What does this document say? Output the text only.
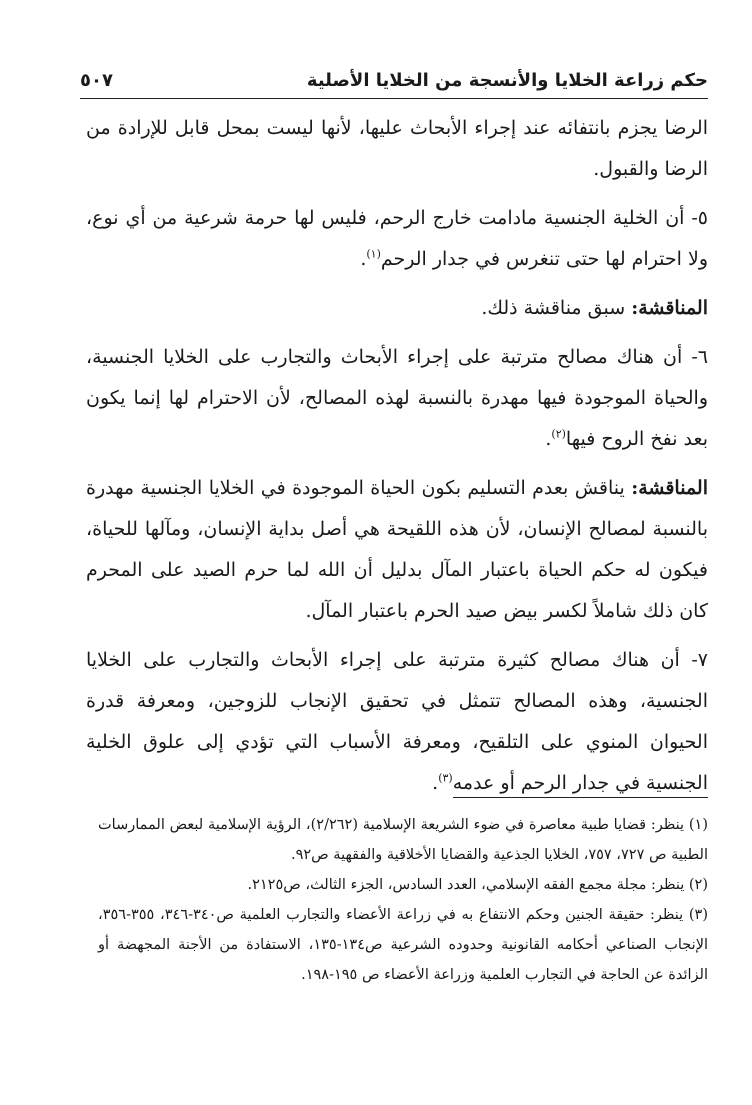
حكم زراعة الخلايا والأنسجة من الخلايا الأصلية
٥٠٧

الرضا يجزم بانتفائه عند إجراء الأبحاث عليها، لأنها ليست بمحل قابل للإرادة من الرضا والقبول.

٥- أن الخلية الجنسية مادامت خارج الرحم، فليس لها حرمة شرعية من أي نوع، ولا احترام لها حتى تنغرس في جدار الرحم$^{(١)}$.

المناقشة: سبق مناقشة ذلك.

٦- أن هناك مصالح مترتبة على إجراء الأبحاث والتجارب على الخلايا الجنسية، والحياة الموجودة فيها مهدرة بالنسبة لهذه المصالح، لأن الاحترام لها إنما يكون بعد نفخ الروح فيها$^{(٢)}$.

المناقشة: يناقش بعدم التسليم بكون الحياة الموجودة في الخلايا الجنسية مهدرة بالنسبة لمصالح الإنسان، لأن هذه اللقيحة هي أصل بداية الإنسان، ومآلها للحياة، فيكون له حكم الحياة باعتبار المآل بدليل أن الله لما حرم الصيد على المحرم كان ذلك شاملاً لكسر بيض صيد الحرم باعتبار المآل.

٧- أن هناك مصالح كثيرة مترتبة على إجراء الأبحاث والتجارب على الخلايا الجنسية، وهذه المصالح تتمثل في تحقيق الإنجاب للزوجين، ومعرفة قدرة الحيوان المنوي على التلقيح، ومعرفة الأسباب التي تؤدي إلى علوق الخلية الجنسية في جدار الرحم أو عدمه$^{(٣)}$.

(١) ينظر: قضايا طبية معاصرة في ضوء الشريعة الإسلامية (٢/٢٦٢)، الرؤية الإسلامية لبعض الممارسات الطبية ص ٧٢٧، ٧٥٧، الخلايا الجذعية والقضايا الأخلاقية والفقهية ص٩٢.

(٢) ينظر: مجلة مجمع الفقه الإسلامي، العدد السادس، الجزء الثالث، ص٢١٢٥.

(٣) ينظر: حقيقة الجنين وحكم الانتفاع به في زراعة الأعضاء والتجارب العلمية ص٣٤٠-٣٤٦، ٣٥٥-٣٥٦، الإنجاب الصناعي أحكامه القانونية وحدوده الشرعية ص١٣٤-١٣٥، الاستفادة من الأجنة المجهضة أو الزائدة عن الحاجة في التجارب العلمية وزراعة الأعضاء ص ١٩٥-١٩٨.
